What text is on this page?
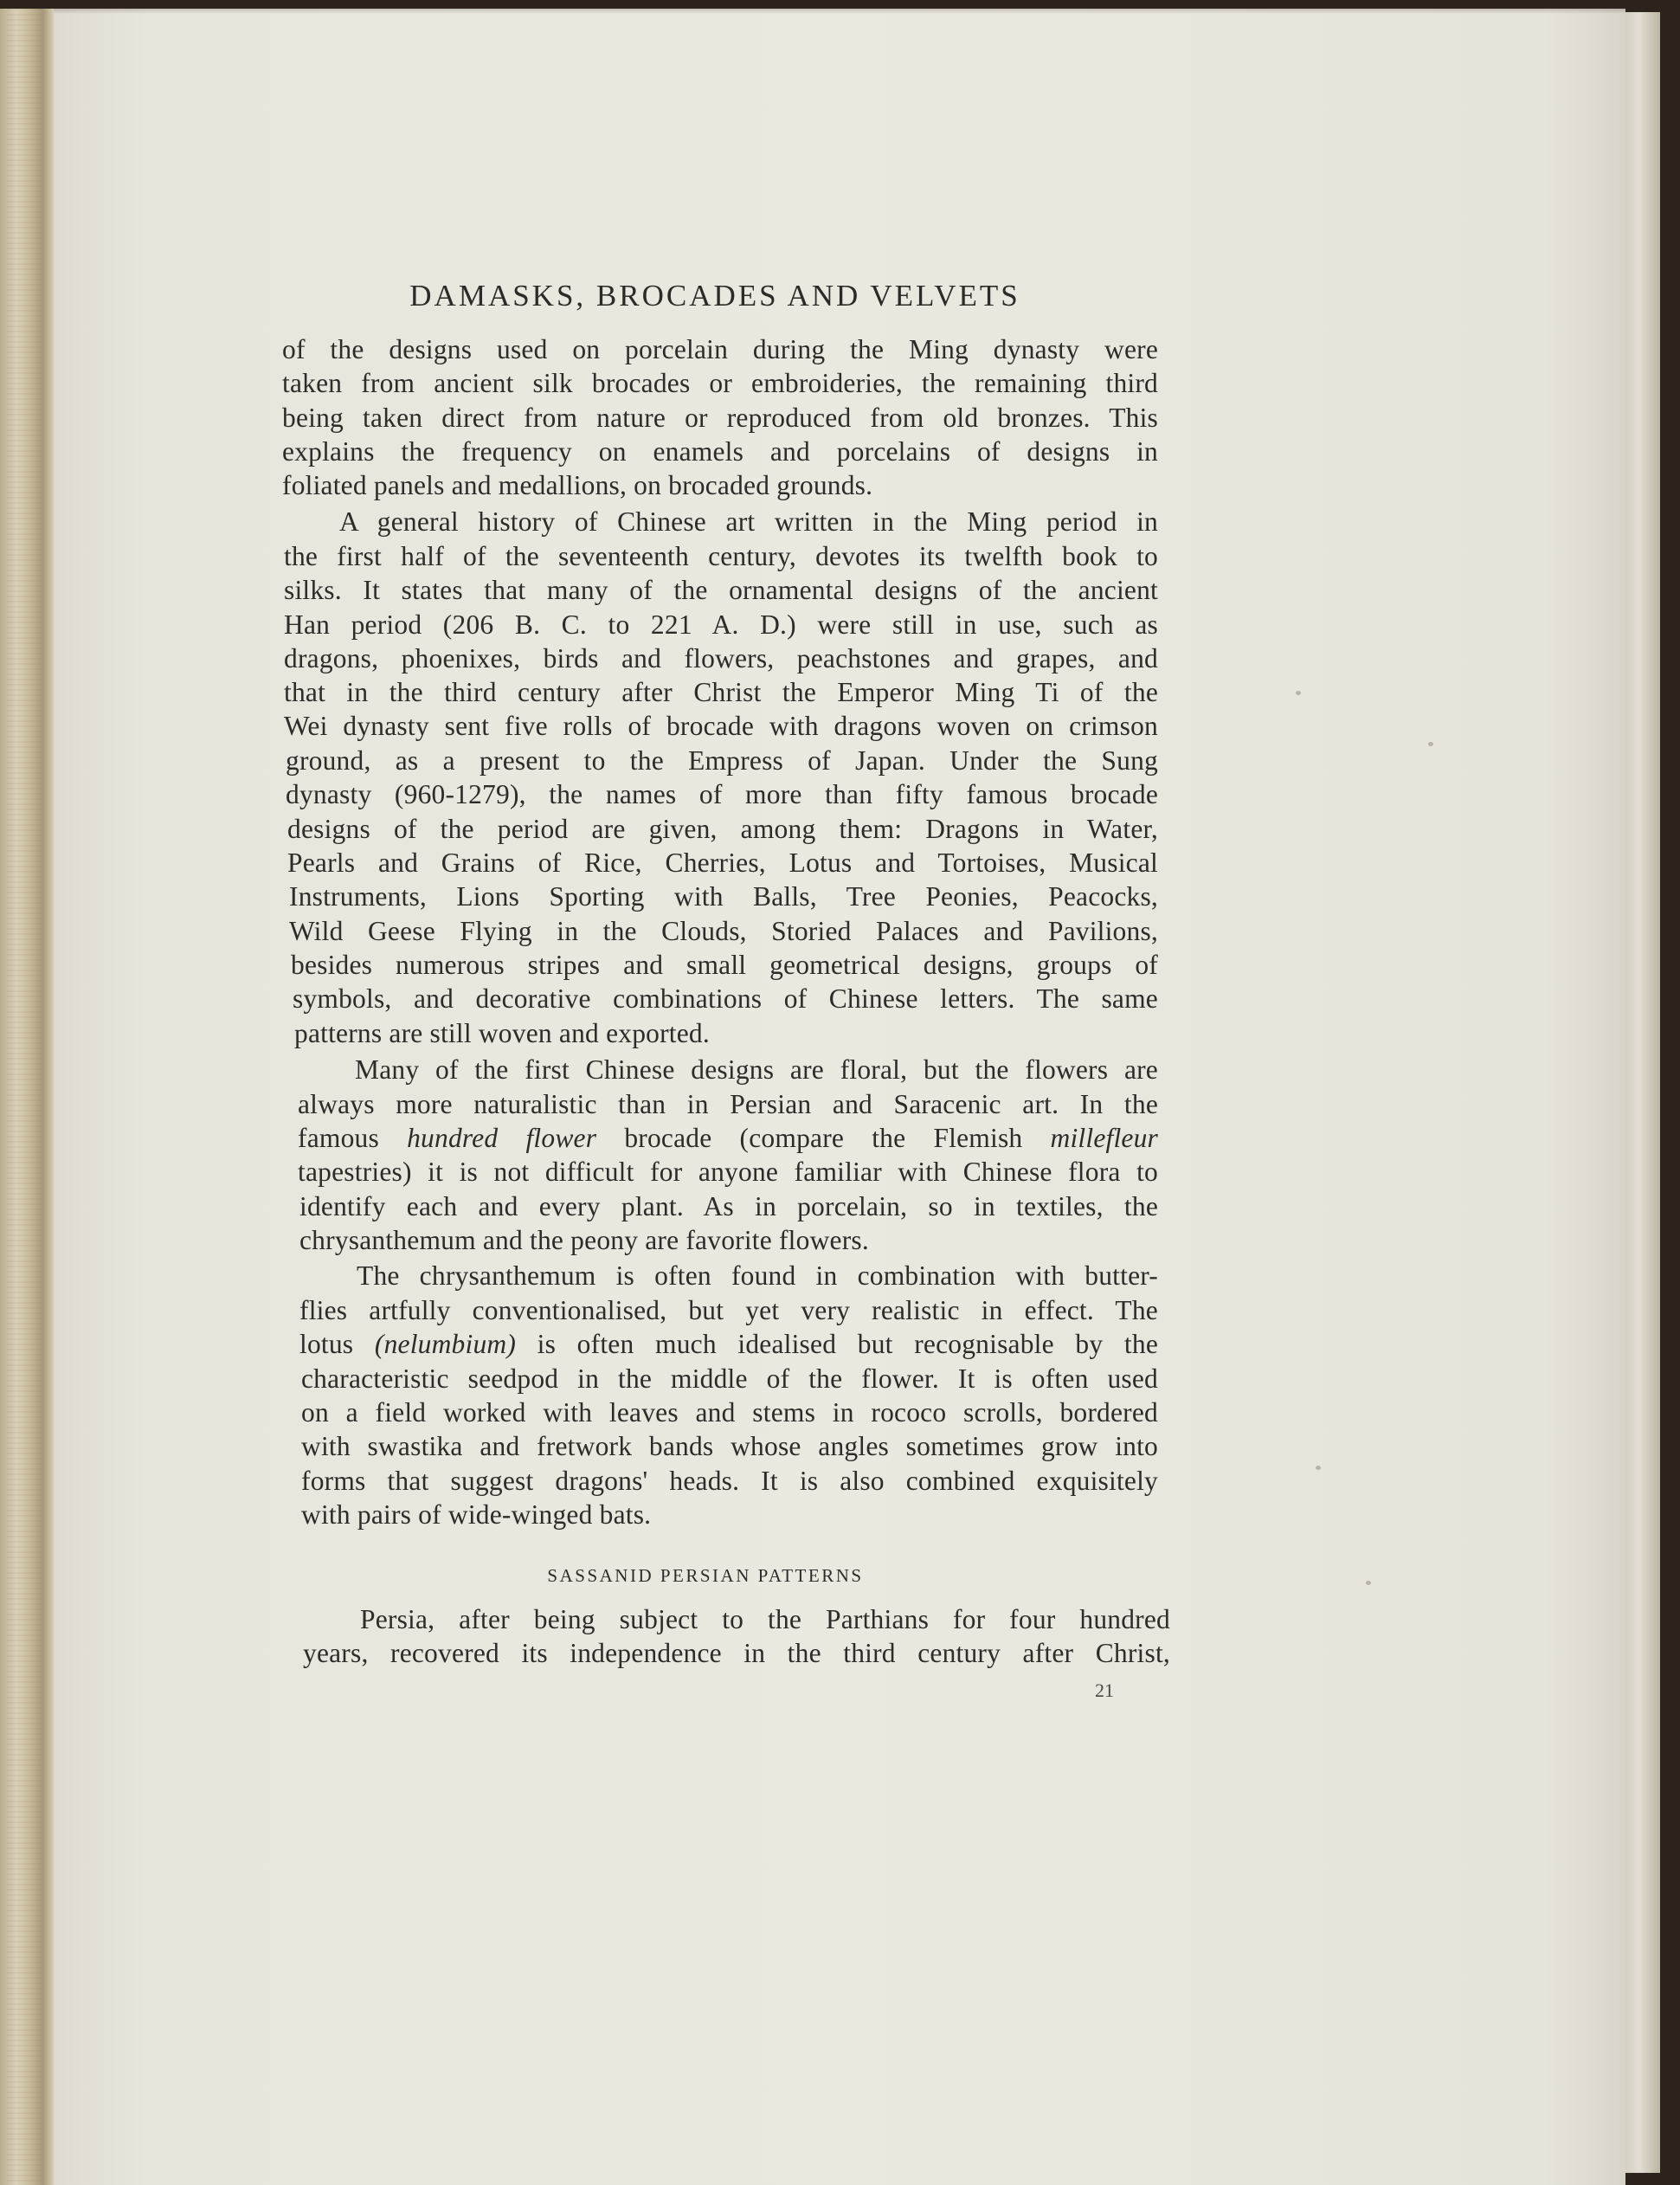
DAMASKS, BROCADES AND VELVETS
of the designs used on porcelain during the Ming dynasty were
taken from ancient silk brocades or embroideries, the remaining third
being taken direct from nature or reproduced from old bronzes. This
explains the frequency on enamels and porcelains of designs in
foliated panels and medallions, on brocaded grounds.
A general history of Chinese art written in the Ming period in
the first half of the seventeenth century, devotes its twelfth book to
silks. It states that many of the ornamental designs of the ancient
Han period (206 B. C. to 221 A. D.) were still in use, such as
dragons, phoenixes, birds and flowers, peachstones and grapes, and
that in the third century after Christ the Emperor Ming Ti of the
Wei dynasty sent five rolls of brocade with dragons woven on crimson
ground, as a present to the Empress of Japan. Under the Sung
dynasty (960-1279), the names of more than fifty famous brocade
designs of the period are given, among them: Dragons in Water,
Pearls and Grains of Rice, Cherries, Lotus and Tortoises, Musical
Instruments, Lions Sporting with Balls, Tree Peonies, Peacocks,
Wild Geese Flying in the Clouds, Storied Palaces and Pavilions,
besides numerous stripes and small geometrical designs, groups of
symbols, and decorative combinations of Chinese letters. The same
patterns are still woven and exported.
Many of the first Chinese designs are floral, but the flowers are
always more naturalistic than in Persian and Saracenic art. In the
famous hundred flower brocade (compare the Flemish millefleur
tapestries) it is not difficult for anyone familiar with Chinese flora to
identify each and every plant. As in porcelain, so in textiles, the
chrysanthemum and the peony are favorite flowers.
The chrysanthemum is often found in combination with butter-
flies artfully conventionalised, but yet very realistic in effect. The
lotus (nelumbium) is often much idealised but recognisable by the
characteristic seedpod in the middle of the flower. It is often used
on a field worked with leaves and stems in rococo scrolls, bordered
with swastika and fretwork bands whose angles sometimes grow into
forms that suggest dragons' heads. It is also combined exquisitely
with pairs of wide-winged bats.
SASSANID PERSIAN PATTERNS
Persia, after being subject to the Parthians for four hundred
years, recovered its independence in the third century after Christ,
21
